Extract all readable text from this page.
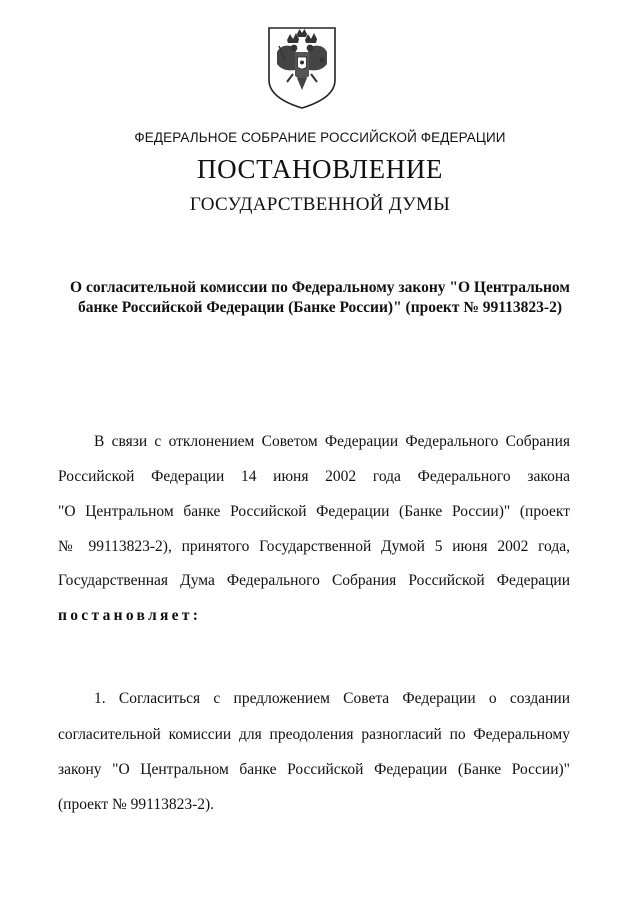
ФЕДЕРАЛЬНОЕ СОБРАНИЕ РОССИЙСКОЙ ФЕДЕРАЦИИ
ПОСТАНОВЛЕНИЕ
ГОСУДАРСТВЕННОЙ ДУМЫ
О согласительной комиссии по Федеральному закону "О Центральном
банке Российской Федерации (Банке России)" (проект № 99113823-2)
В связи с отклонением Советом Федерации Федерального Собрания
Российской Федерации 14 июня 2002 года Федерального закона
"О Центральном банке Российской Федерации (Банке России)" (проект
№ 99113823-2), принятого Государственной Думой 5 июня 2002 года,
Государственная Дума Федерального Собрания Российской Федерации
постановляет:
1. Согласиться с предложением Совета Федерации о создании
согласительной комиссии для преодоления разногласий по Федеральному
закону "О Центральном банке Российской Федерации (Банке России)"
(проект № 99113823-2).
